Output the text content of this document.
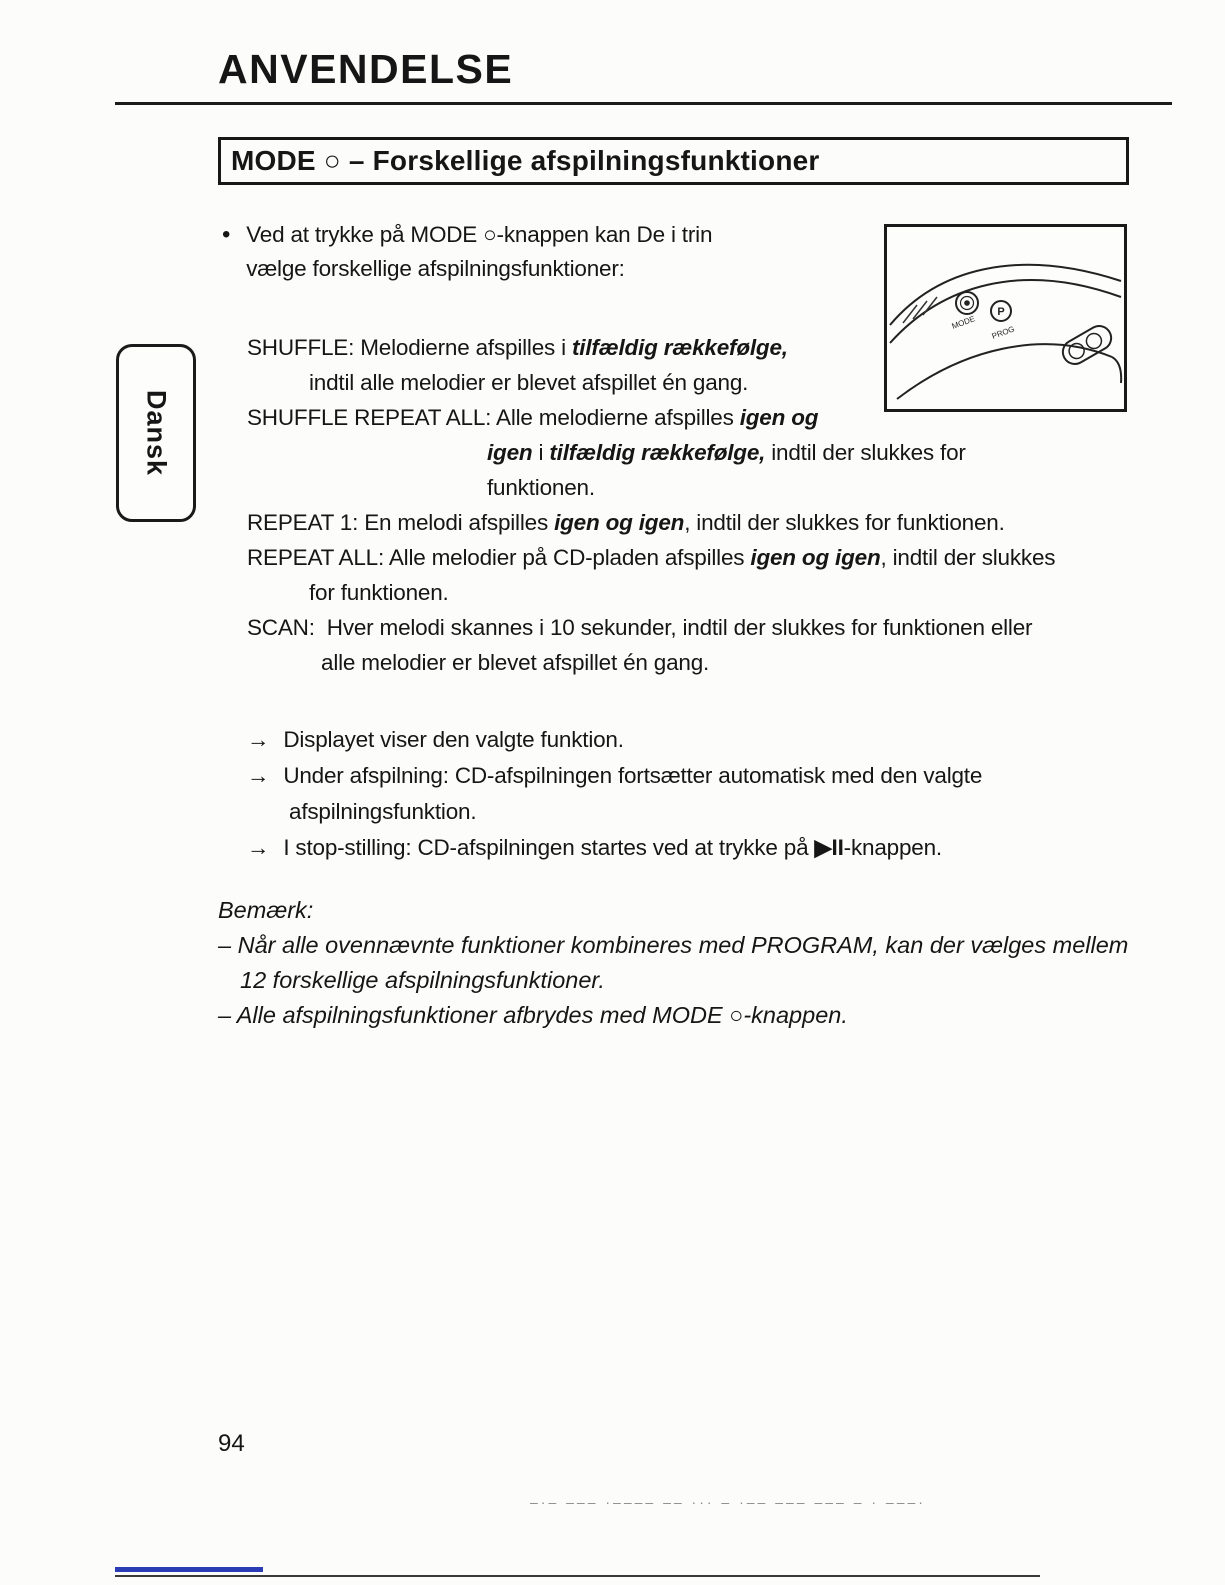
ANVENDELSE
MODE ○ – Forskellige afspilningsfunktioner
• Ved at trykke på MODE ○-knappen kan De i trin
vælge forskellige afspilningsfunktioner:
P
MODE
PROG
Dansk
SHUFFLE: Melodierne afspilles i tilfældig rækkefølge,
indtil alle melodier er blevet afspillet én gang.
SHUFFLE REPEAT ALL: Alle melodierne afspilles igen og
igen i tilfældig rækkefølge, indtil der slukkes for
funktionen.
REPEAT 1: En melodi afspilles igen og igen, indtil der slukkes for funktionen.
REPEAT ALL: Alle melodier på CD-pladen afspilles igen og igen, indtil der slukkes
for funktionen.
SCAN: Hver melodi skannes i 10 sekunder, indtil der slukkes for funktionen eller
alle melodier er blevet afspillet én gang.
→ Displayet viser den valgte funktion.
→ Under afspilning: CD-afspilningen fortsætter automatisk med den valgte
afspilningsfunktion.
→ I stop-stilling: CD-afspilningen startes ved at trykke på ▶II-knappen.
Bemærk:
– Når alle ovennævnte funktioner kombineres med PROGRAM, kan der vælges mellem
12 forskellige afspilningsfunktioner.
– Alle afspilningsfunktioner afbrydes med MODE ○-knappen.
94
–·– ––– ·–––– –– ··· – ·–– ––– ––– – · –––·
